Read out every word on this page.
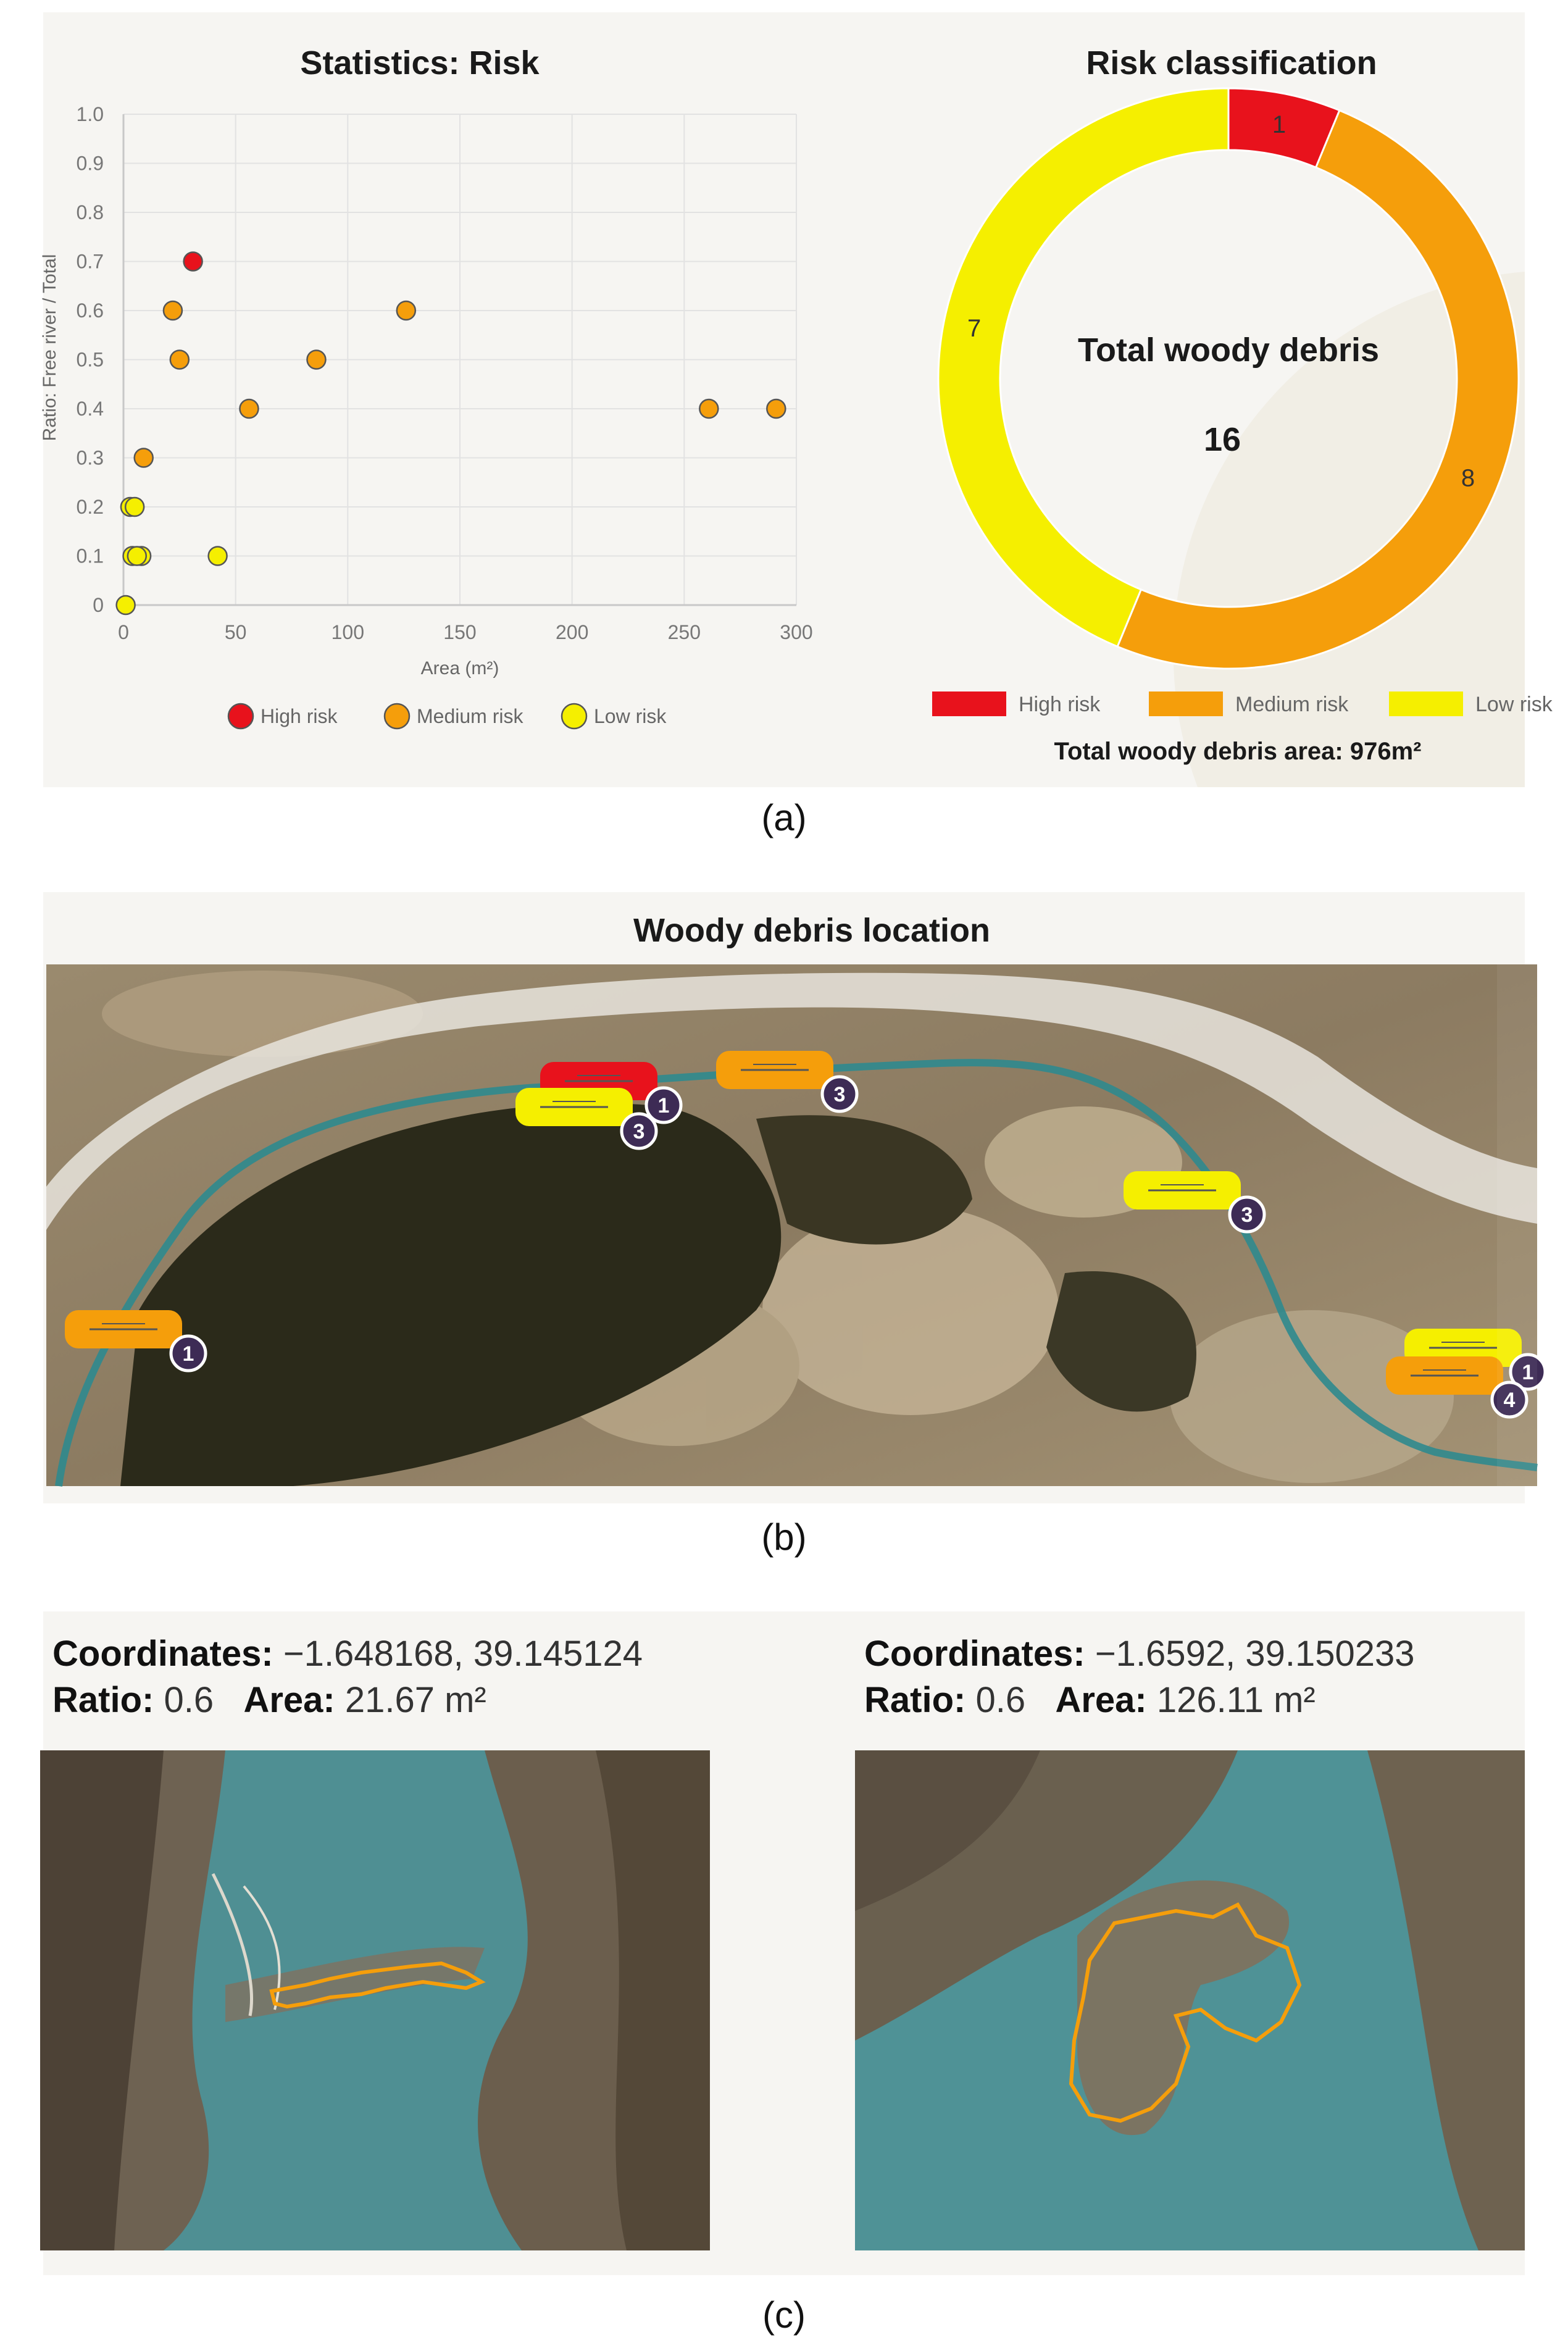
Statistics: Risk	Risk classification
0	50	100	150	200	250	300
0
0.1
0.2
0.3
0.4
0.5
0.6
0.7
0.8
0.9
1.0
Area (m²)
Ratio: Free river / Total
High risk	Medium risk	Low risk
1
8
7
Total woody debris
16
High risk	Medium risk	Low risk
Total woody debris area: 976m²
(a)
Woody debris location
1
1
3
3
3
1
4
(b)
Coordinates: −1.648168, 39.145124
Ratio: 0.6 Area: 21.67 m²
Coordinates: −1.6592, 39.150233
Ratio: 0.6 Area: 126.11 m²
(c)
